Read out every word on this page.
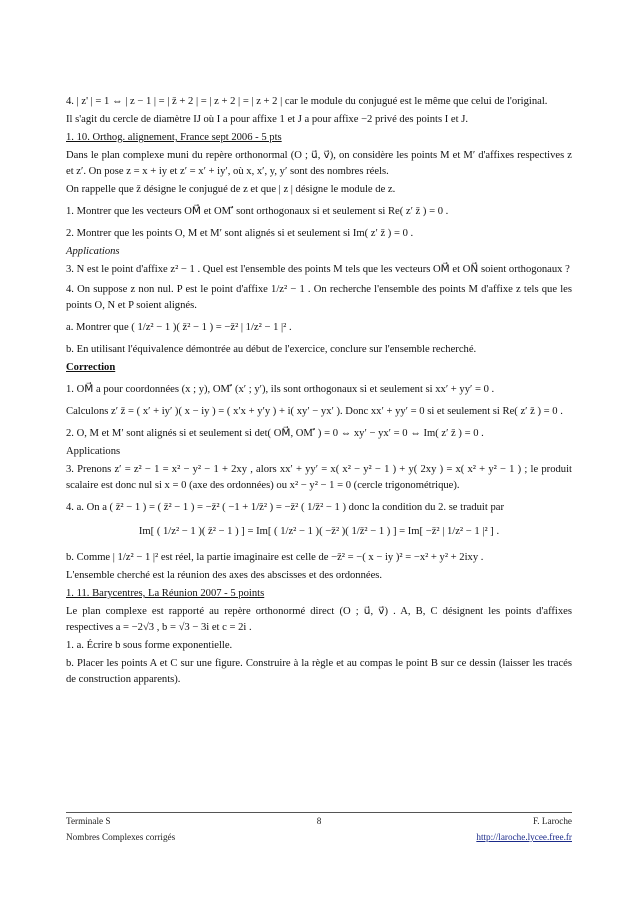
4. | z' | = 1 ⇔ | z − 1 | = | z̄ + 2 | = | z + 2 | = | z + 2 | car le module du conjugué est le même que celui de l'original.

Il s'agit du cercle de diamètre IJ où I a pour affixe 1 et J a pour affixe −2 privé des points I et J.

1. 10. Orthog. alignement, France sept 2006 - 5 pts

Dans le plan complexe muni du repère orthonormal (O ; u⃗, v⃗), on considère les points M et M′ d'affixes respectives z et z′. On pose z = x + iy et z′ = x′ + iy′, où x, x′, y, y′ sont des nombres réels.

On rappelle que z̄ désigne le conjugué de z et que | z | désigne le module de z.

1. Montrer que les vecteurs OM⃗ et OM′⃗ sont orthogonaux si et seulement si Re( z′ z̄ ) = 0 .

2. Montrer que les points O, M et M′ sont alignés si et seulement si Im( z′ z̄ ) = 0 .

Applications

3. N est le point d'affixe z² − 1 . Quel est l'ensemble des points M tels que les vecteurs OM⃗ et ON⃗ soient orthogonaux ?

4. On suppose z non nul. P est le point d'affixe 1/z² − 1 . On recherche l'ensemble des points M d'affixe z tels que les points O, N et P soient alignés.

a. Montrer que ( 1/z² − 1 )( z̄² − 1 ) = −z̄² | 1/z² − 1 |² .

b. En utilisant l'équivalence démontrée au début de l'exercice, conclure sur l'ensemble recherché.

Correction

1. OM⃗ a pour coordonnées (x ; y), OM′⃗ (x′ ; y′), ils sont orthogonaux si et seulement si xx′ + yy′ = 0 .

Calculons z′ z̄ = ( x′ + iy′ )( x − iy ) = ( x′x + y′y ) + i( xy′ − yx′ ). Donc xx′ + yy′ = 0 si et seulement si Re( z′ z̄ ) = 0 .

2. O, M et M′ sont alignés si et seulement si det( OM⃗, OM′⃗ ) = 0 ⇔ xy′ − yx′ = 0 ⇔ Im( z′ z̄ ) = 0 .

Applications

3. Prenons z′ = z² − 1 = x² − y² − 1 + 2xy , alors xx′ + yy′ = x( x² − y² − 1 ) + y( 2xy ) = x( x² + y² − 1 ) ; le produit scalaire est donc nul si x = 0 (axe des ordonnées) ou x² − y² − 1 = 0 (cercle trigonométrique).

4. a. On a ( z̄² − 1 ) = ( z̄² − 1 ) = −z̄² ( −1 + 1/z̄² ) = −z̄² ( 1/z̄² − 1 ) donc la condition du 2. se traduit par

Im[ ( 1/z² − 1 )( z̄² − 1 ) ] = Im[ ( 1/z² − 1 )( −z̄² )( 1/z̄² − 1 ) ] = Im[ −z̄² | 1/z² − 1 |² ] .

b. Comme | 1/z² − 1 |² est réel, la partie imaginaire est celle de −z̄² = −( x − iy )² = −x² + y² + 2ixy .

L'ensemble cherché est la réunion des axes des abscisses et des ordonnées.

1. 11. Barycentres, La Réunion 2007 - 5 points

Le plan complexe est rapporté au repère orthonormé direct (O ; u⃗, v⃗) . A, B, C désignent les points d'affixes respectives a = −2√3 , b = √3 − 3i et c = 2i .

1. a. Écrire b sous forme exponentielle.

b. Placer les points A et C sur une figure. Construire à la règle et au compas le point B sur ce dessin (laisser les tracés de construction apparents).

Terminale S	8	F. Laroche
Nombres Complexes corrigés	http://laroche.lycee.free.fr
